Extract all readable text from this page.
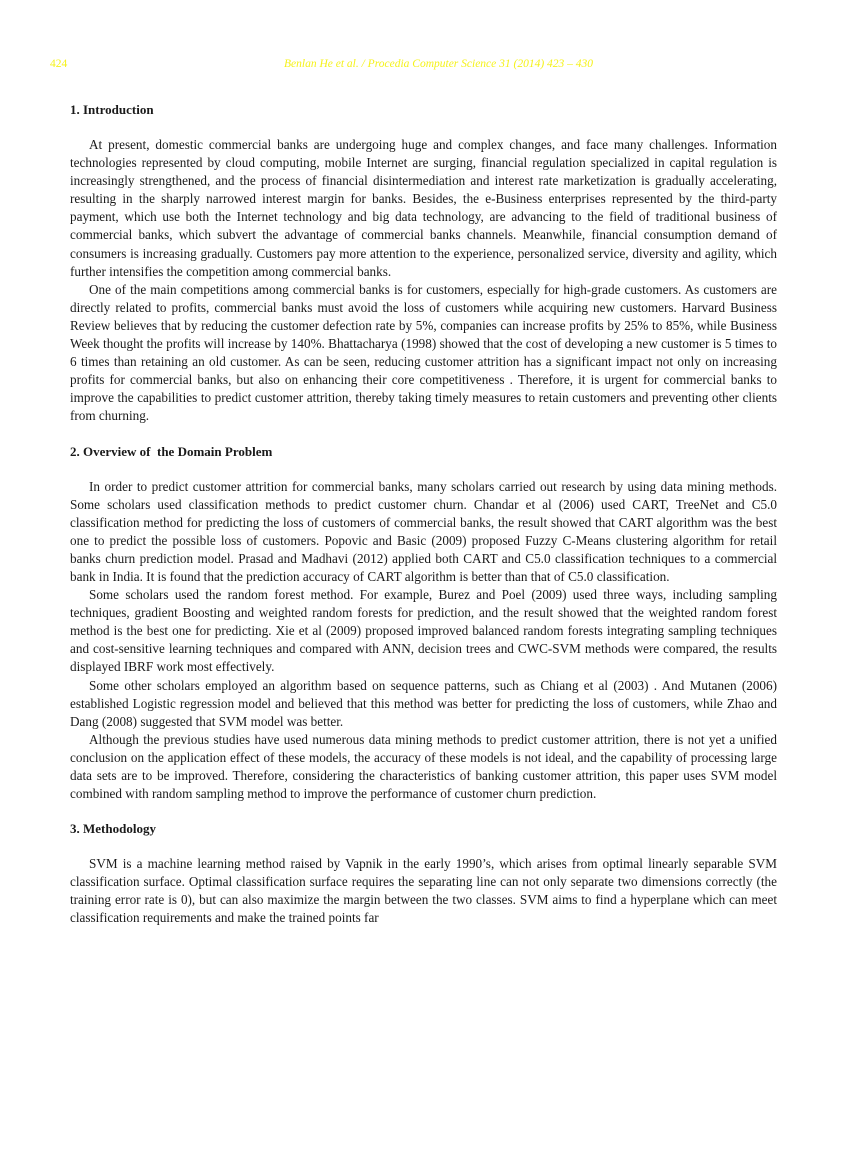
424	Benlan He et al. / Procedia Computer Science 31 (2014) 423 – 430
1. Introduction

At present, domestic commercial banks are undergoing huge and complex changes, and face many challenges. Information technologies represented by cloud computing, mobile Internet are surging, financial regulation specialized in capital regulation is increasingly strengthened, and the process of financial disintermediation and interest rate marketization is gradually accelerating, resulting in the sharply narrowed interest margin for banks. Besides, the e-Business enterprises represented by the third-party payment, which use both the Internet technology and big data technology, are advancing to the field of traditional business of commercial banks, which subvert the advantage of commercial banks channels. Meanwhile, financial consumption demand of consumers is increasing gradually. Customers pay more attention to the experience, personalized service, diversity and agility, which further intensifies the competition among commercial banks.

One of the main competitions among commercial banks is for customers, especially for high-grade customers. As customers are directly related to profits, commercial banks must avoid the loss of customers while acquiring new customers. Harvard Business Review believes that by reducing the customer defection rate by 5%, companies can increase profits by 25% to 85%, while Business Week thought the profits will increase by 140%. Bhattacharya (1998) showed that the cost of developing a new customer is 5 times to 6 times than retaining an old customer. As can be seen, reducing customer attrition has a significant impact not only on increasing profits for commercial banks, but also on enhancing their core competitiveness . Therefore, it is urgent for commercial banks to improve the capabilities to predict customer attrition, thereby taking timely measures to retain customers and preventing other clients from churning.

2. Overview of  the Domain Problem

In order to predict customer attrition for commercial banks, many scholars carried out research by using data mining methods. Some scholars used classification methods to predict customer churn. Chandar et al (2006) used CART, TreeNet and C5.0 classification method for predicting the loss of customers of commercial banks, the result showed that CART algorithm was the best one to predict the possible loss of customers. Popovic and Basic (2009) proposed Fuzzy C-Means clustering algorithm for retail banks churn prediction model. Prasad and Madhavi (2012) applied both CART and C5.0 classification techniques to a commercial bank in India. It is found that the prediction accuracy of CART algorithm is better than that of C5.0 classification.

Some scholars used the random forest method. For example, Burez and Poel (2009) used three ways, including sampling techniques, gradient Boosting and weighted random forests for prediction, and the result showed that the weighted random forest method is the best one for predicting. Xie et al (2009) proposed improved balanced random forests integrating sampling techniques and cost-sensitive learning techniques and compared with ANN, decision trees and CWC-SVM methods were compared, the results displayed IBRF work most effectively.

Some other scholars employed an algorithm based on sequence patterns, such as Chiang et al (2003) . And Mutanen (2006) established Logistic regression model and believed that this method was better for predicting the loss of customers, while Zhao and Dang (2008) suggested that SVM model was better.

Although the previous studies have used numerous data mining methods to predict customer attrition, there is not yet a unified conclusion on the application effect of these models, the accuracy of these models is not ideal, and the capability of processing large data sets are to be improved. Therefore, considering the characteristics of banking customer attrition, this paper uses SVM model combined with random sampling method to improve the performance of customer churn prediction.

3. Methodology

SVM is a machine learning method raised by Vapnik in the early 1990’s, which arises from optimal linearly separable SVM classification surface. Optimal classification surface requires the separating line can not only separate two dimensions correctly (the training error rate is 0), but can also maximize the margin between the two classes. SVM aims to find a hyperplane which can meet classification requirements and make the trained points far
